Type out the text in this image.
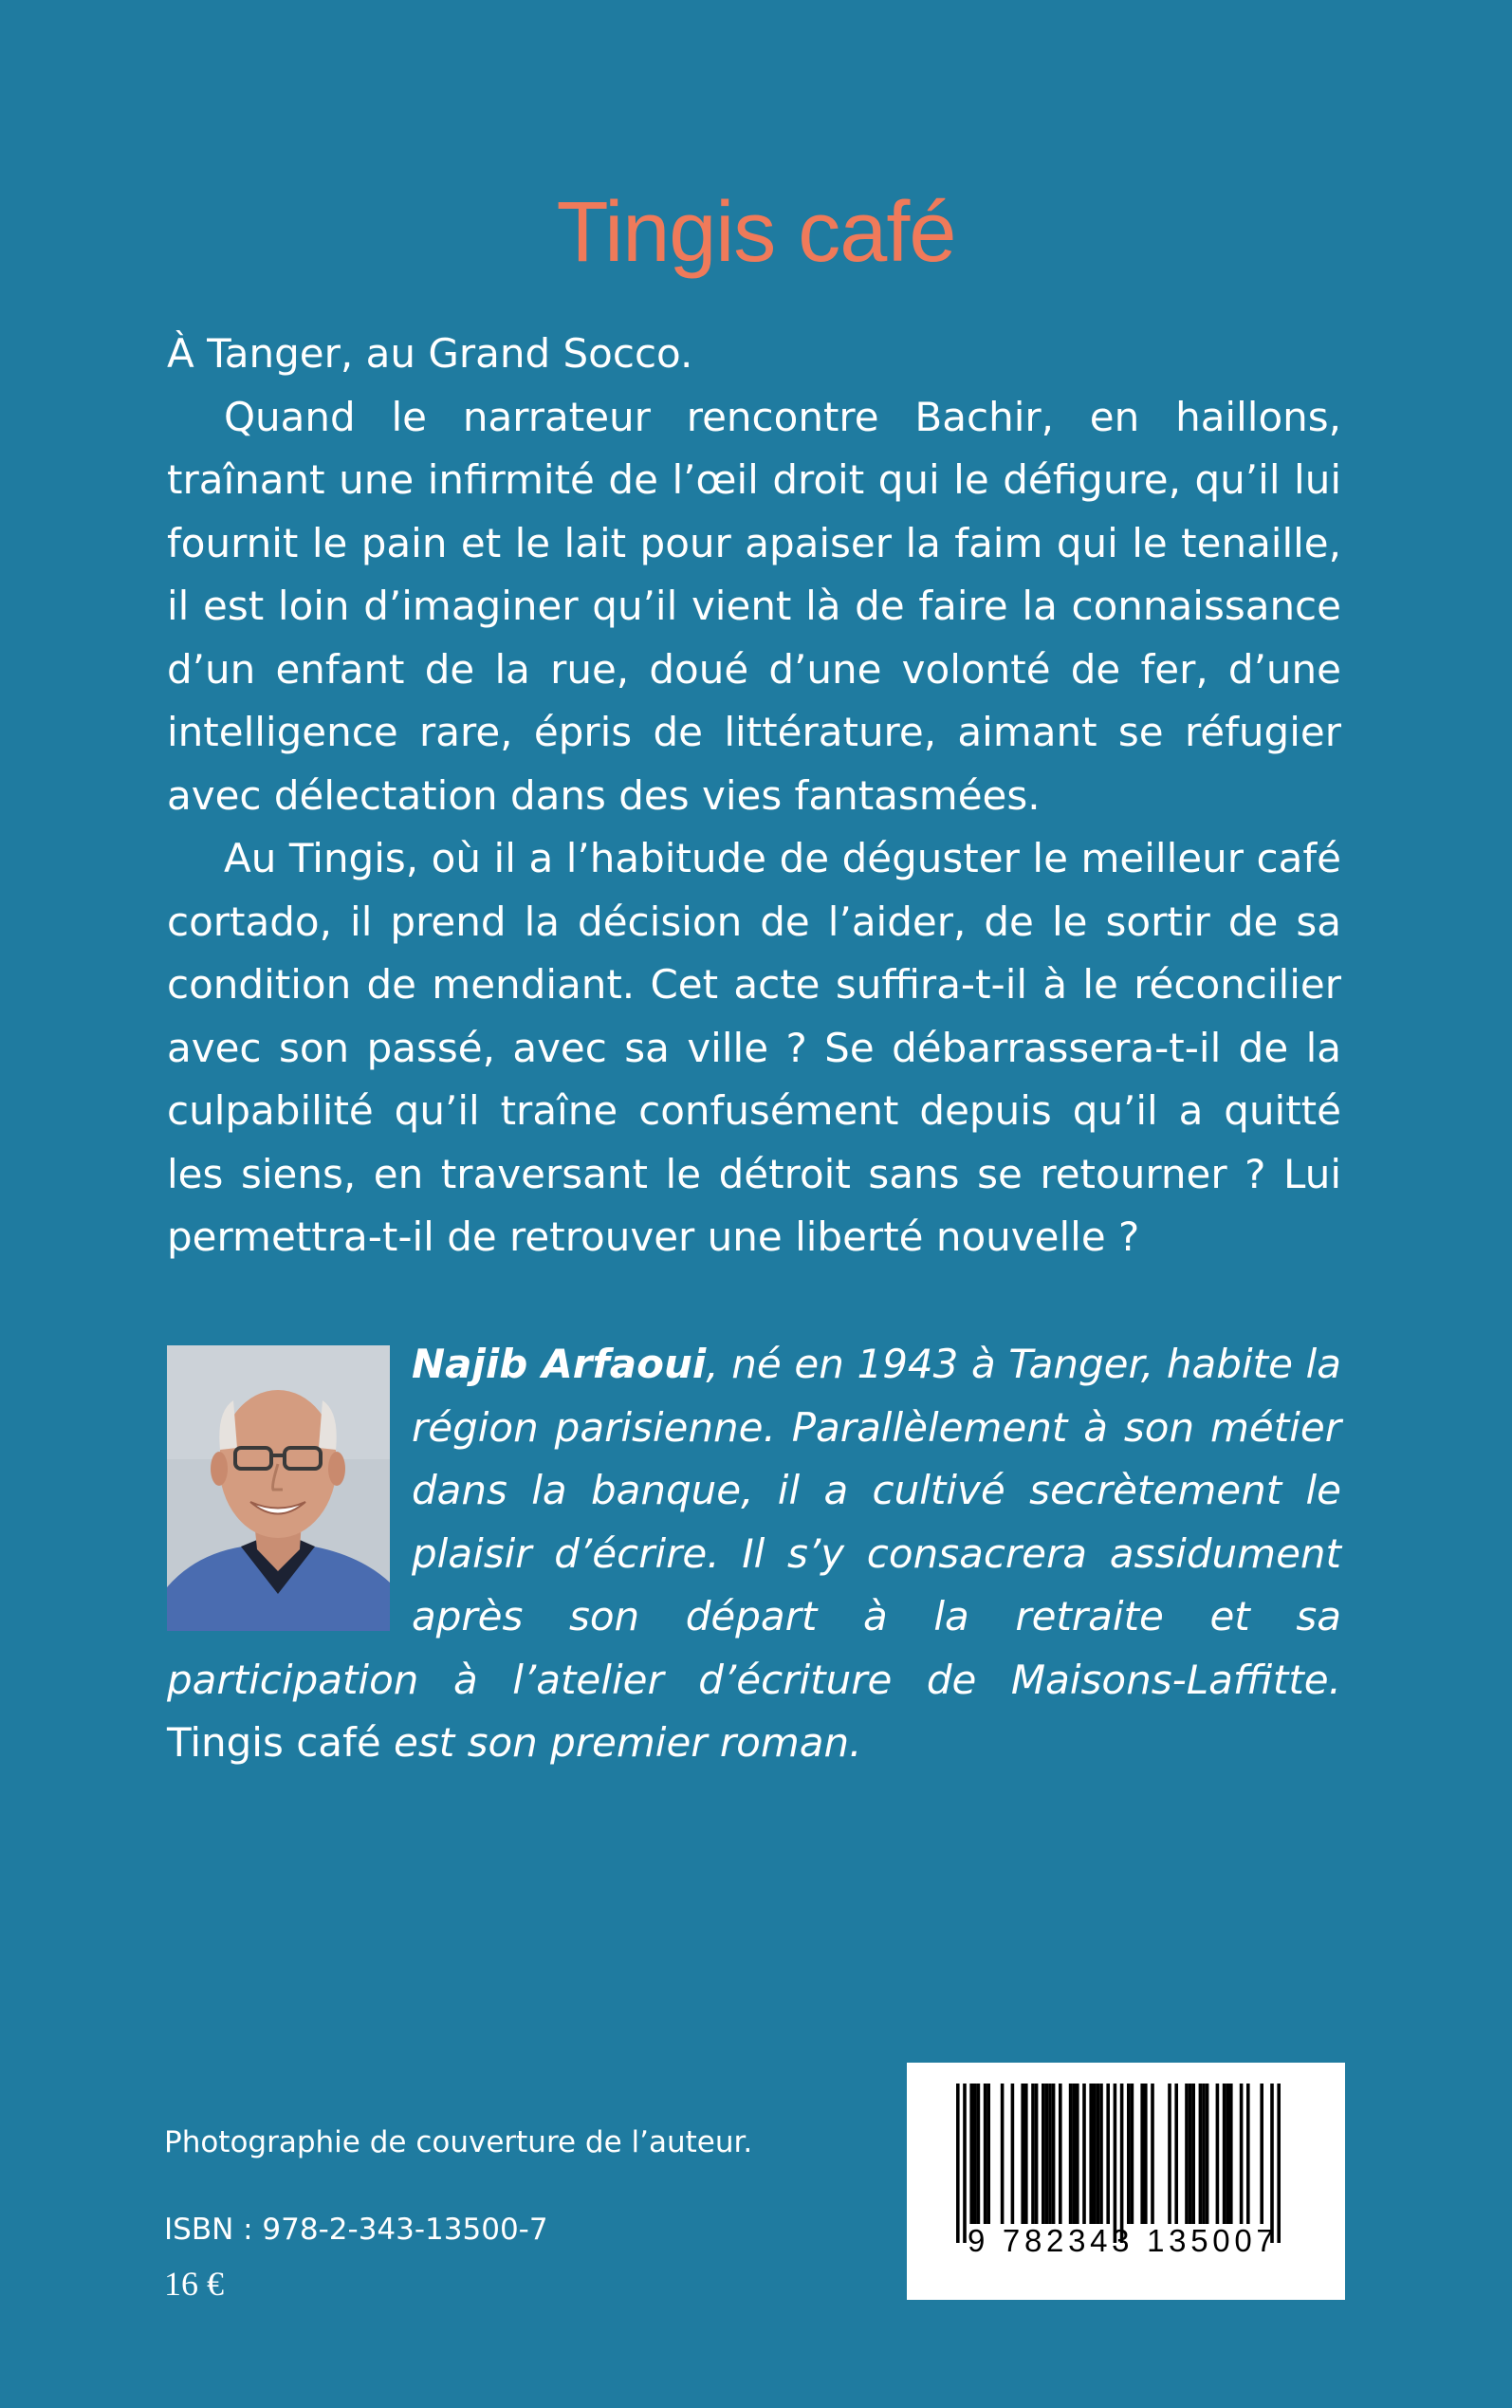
Tingis café

À Tanger, au Grand Socco.

Quand le narrateur rencontre Bachir, en haillons, traînant une infirmité de l’œil droit qui le défigure, qu’il lui fournit le pain et le lait pour apaiser la faim qui le tenaille, il est loin d’imaginer qu’il vient là de faire la connaissance d’un enfant de la rue, doué d’une volonté de fer, d’une intelligence rare, épris de littérature, aimant se réfugier avec délectation dans des vies fantasmées.

Au Tingis, où il a l’habitude de déguster le meilleur café cortado, il prend la décision de l’aider, de le sortir de sa condition de mendiant. Cet acte suffira-t-il à le réconcilier avec son passé, avec sa ville ? Se débarrassera-t-il de la culpabilité qu’il traîne confusément depuis qu’il a quitté les siens, en traversant le détroit sans se retourner ? Lui permettra-t-il de retrouver une liberté nouvelle ?

Najib Arfaoui, né en 1943 à Tanger, habite la région parisienne. Parallèlement à son métier dans la banque, il a cultivé secrètement le plaisir d’écrire. Il s’y consacrera assidument après son départ à la retraite et sa participation à l’atelier d’écriture de Maisons-Laffitte. Tingis café est son premier roman.
Photographie de couverture de l’auteur.
ISBN : 978-2-343-13500-7
16 €
9 782343 135007
